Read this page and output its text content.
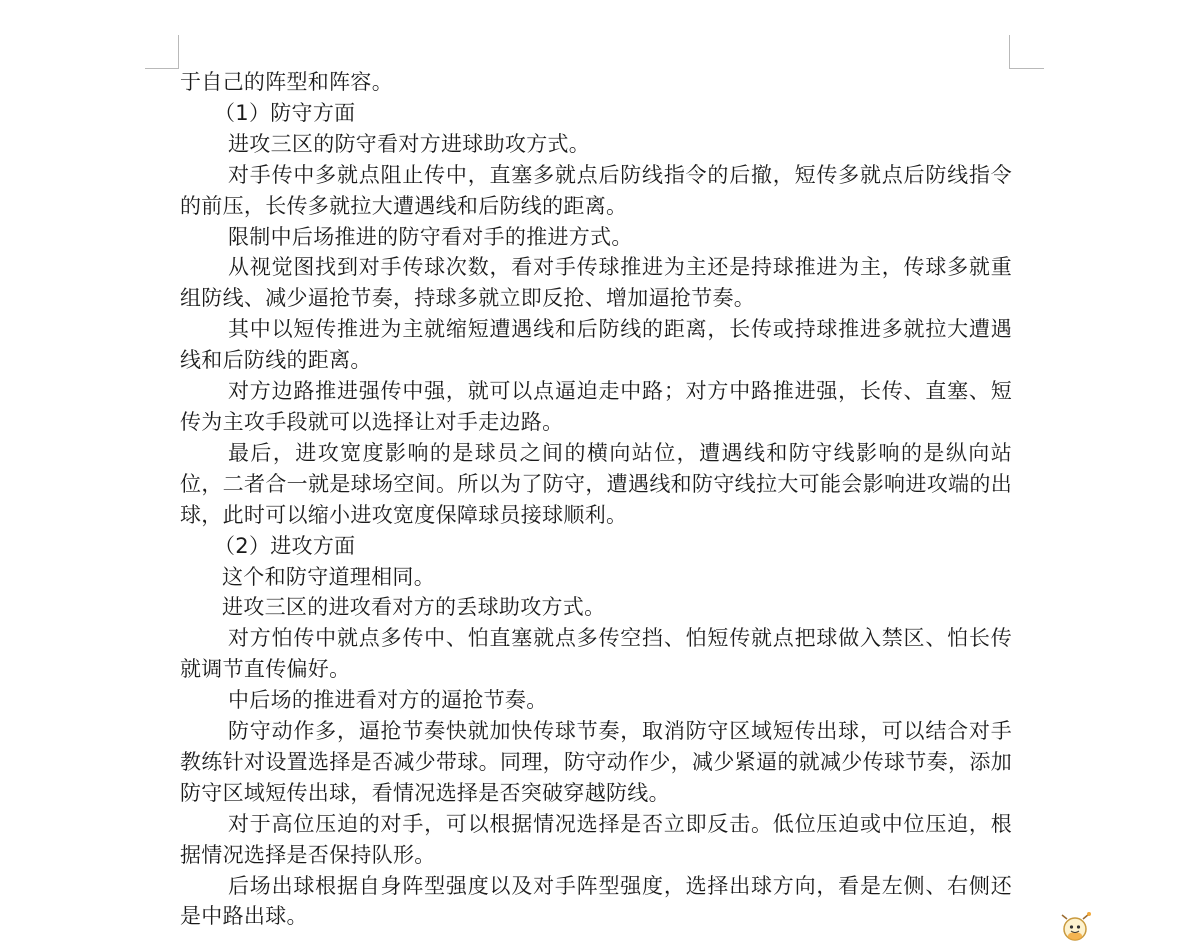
于自己的阵型和阵容。

（1）防守方面

进攻三区的防守看对方进球助攻方式。

对手传中多就点阻止传中，直塞多就点后防线指令的后撤，短传多就点后防线指令的前压，长传多就拉大遭遇线和后防线的距离。

限制中后场推进的防守看对手的推进方式。

从视觉图找到对手传球次数，看对手传球推进为主还是持球推进为主，传球多就重组防线、减少逼抢节奏，持球多就立即反抢、增加逼抢节奏。

其中以短传推进为主就缩短遭遇线和后防线的距离，长传或持球推进多就拉大遭遇线和后防线的距离。

对方边路推进强传中强，就可以点逼迫走中路；对方中路推进强，长传、直塞、短传为主攻手段就可以选择让对手走边路。

最后，进攻宽度影响的是球员之间的横向站位，遭遇线和防守线影响的是纵向站位，二者合一就是球场空间。所以为了防守，遭遇线和防守线拉大可能会影响进攻端的出球，此时可以缩小进攻宽度保障球员接球顺利。

（2）进攻方面

这个和防守道理相同。

进攻三区的进攻看对方的丢球助攻方式。

对方怕传中就点多传中、怕直塞就点多传空挡、怕短传就点把球做入禁区、怕长传就调节直传偏好。

中后场的推进看对方的逼抢节奏。

防守动作多，逼抢节奏快就加快传球节奏，取消防守区域短传出球，可以结合对手教练针对设置选择是否减少带球。同理，防守动作少，减少紧逼的就减少传球节奏，添加防守区域短传出球，看情况选择是否突破穿越防线。

对于高位压迫的对手，可以根据情况选择是否立即反击。低位压迫或中位压迫，根据情况选择是否保持队形。

后场出球根据自身阵型强度以及对手阵型强度，选择出球方向，看是左侧、右侧还是中路出球。
